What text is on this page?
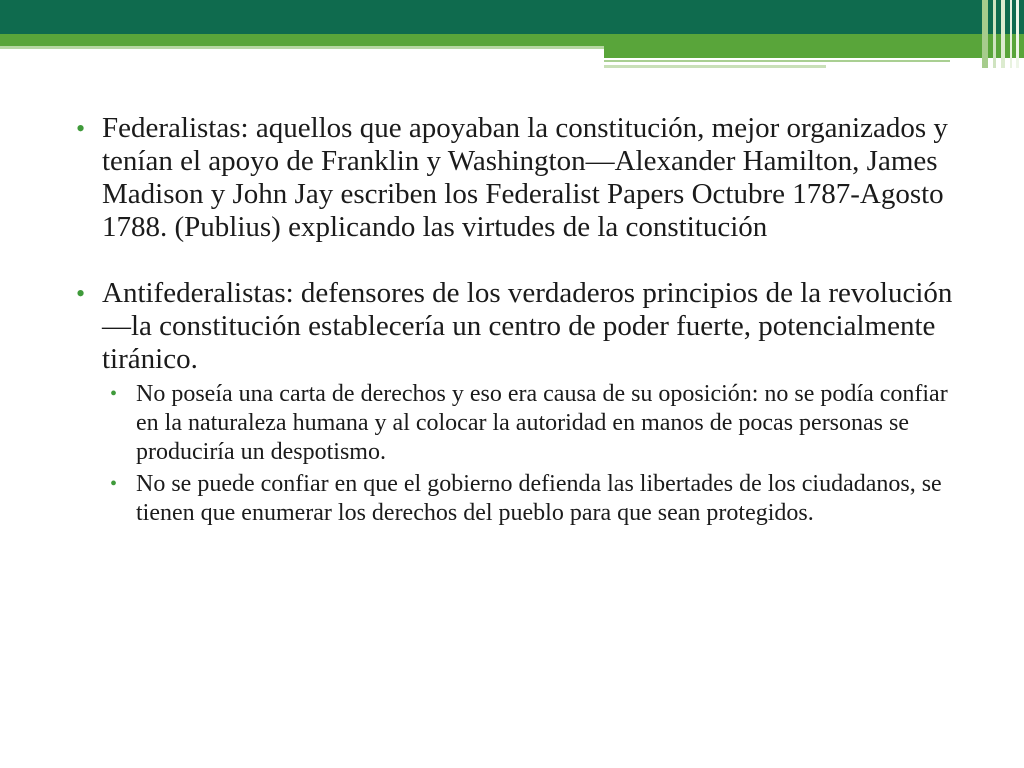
• Federalistas: aquellos que apoyaban la constitución, mejor organizados y tenían el apoyo de Franklin y Washington—Alexander Hamilton, James Madison y John Jay escriben los Federalist Papers Octubre 1787-Agosto 1788. (Publius) explicando las virtudes de la constitución

• Antifederalistas: defensores de los verdaderos principios de la revolución—la constitución establecería un centro de poder fuerte, potencialmente tiránico.

• No poseía una carta de derechos y eso era causa de su oposición: no se podía confiar en la naturaleza humana y al colocar la autoridad en manos de pocas personas se produciría un despotismo.

• No se puede confiar en que el gobierno defienda las libertades de los ciudadanos, se tienen que enumerar los derechos del pueblo para que sean protegidos.
